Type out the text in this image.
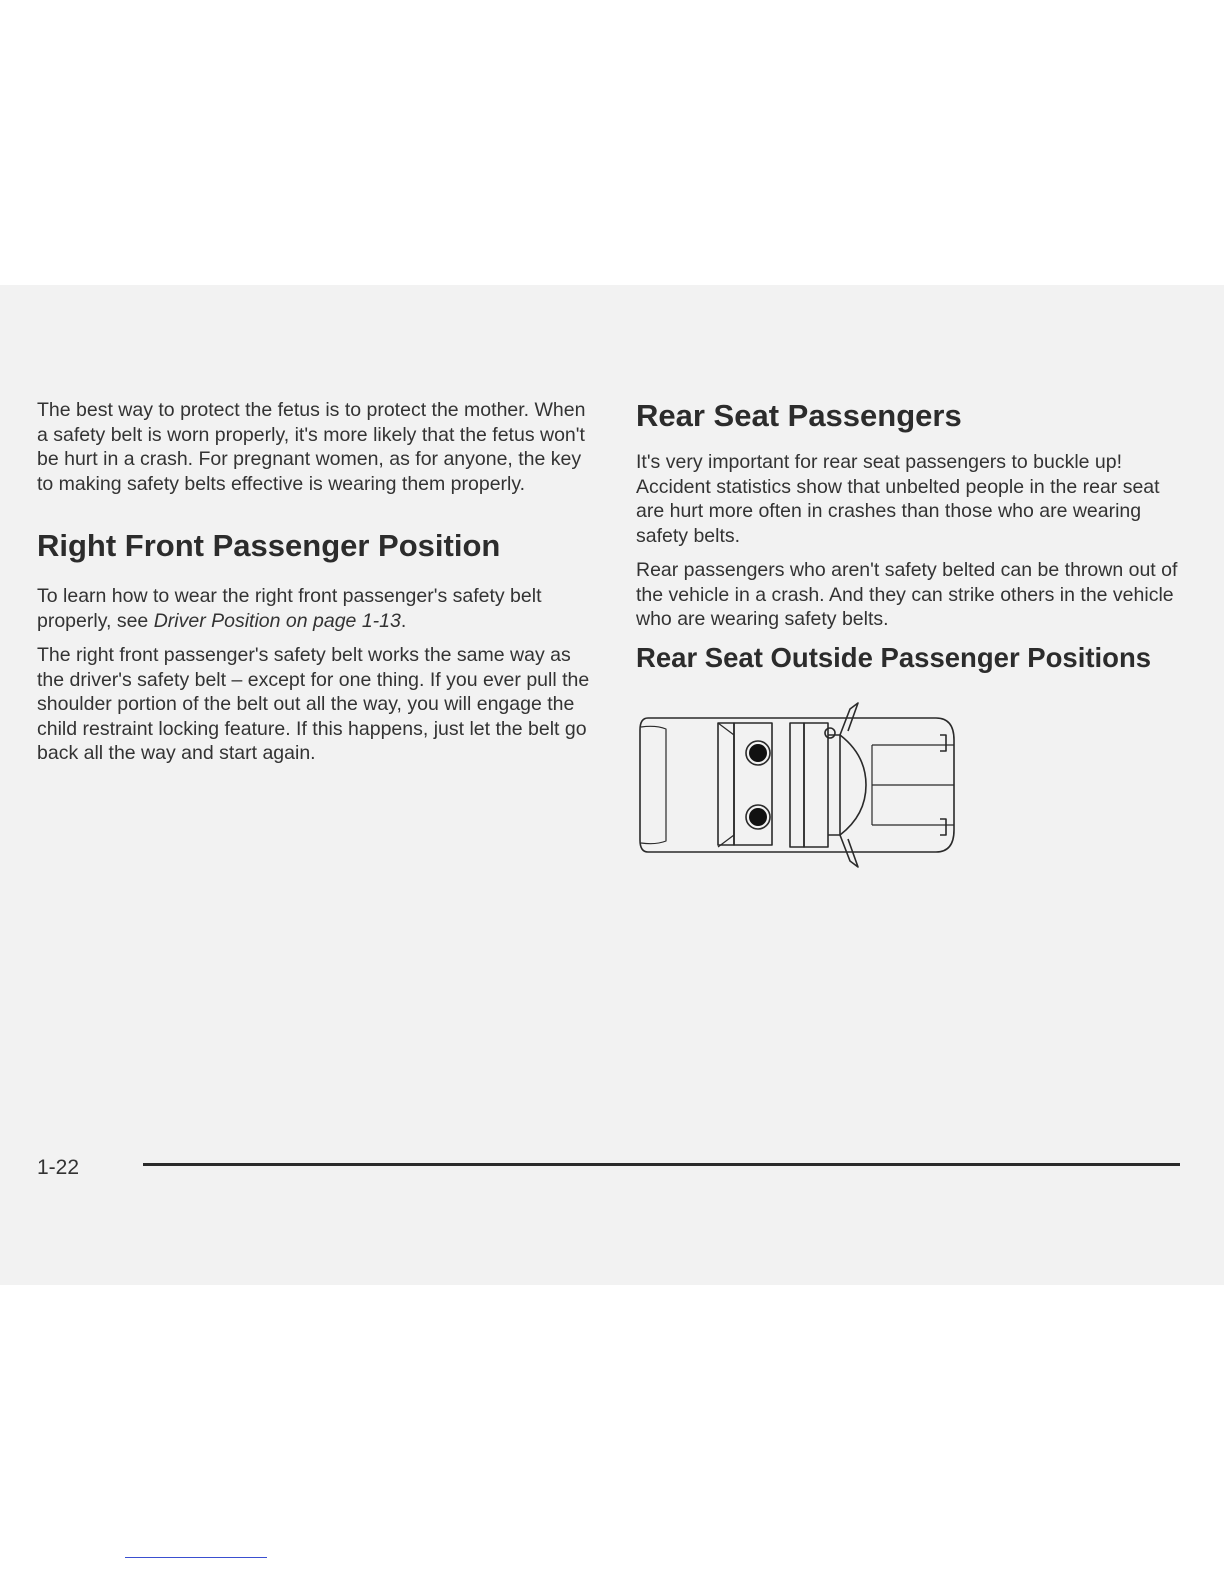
The best way to protect the fetus is to protect the mother. When a safety belt is worn properly, it's more likely that the fetus won't be hurt in a crash. For pregnant women, as for anyone, the key to making safety belts effective is wearing them properly.

Right Front Passenger Position

To learn how to wear the right front passenger's safety belt properly, see Driver Position on page 1-13.

The right front passenger's safety belt works the same way as the driver's safety belt – except for one thing. If you ever pull the shoulder portion of the belt out all the way, you will engage the child restraint locking feature. If this happens, just let the belt go back all the way and start again.

Rear Seat Passengers

It's very important for rear seat passengers to buckle up! Accident statistics show that unbelted people in the rear seat are hurt more often in crashes than those who are wearing safety belts.

Rear passengers who aren't safety belted can be thrown out of the vehicle in a crash. And they can strike others in the vehicle who are wearing safety belts.

Rear Seat Outside Passenger Positions
1-22
